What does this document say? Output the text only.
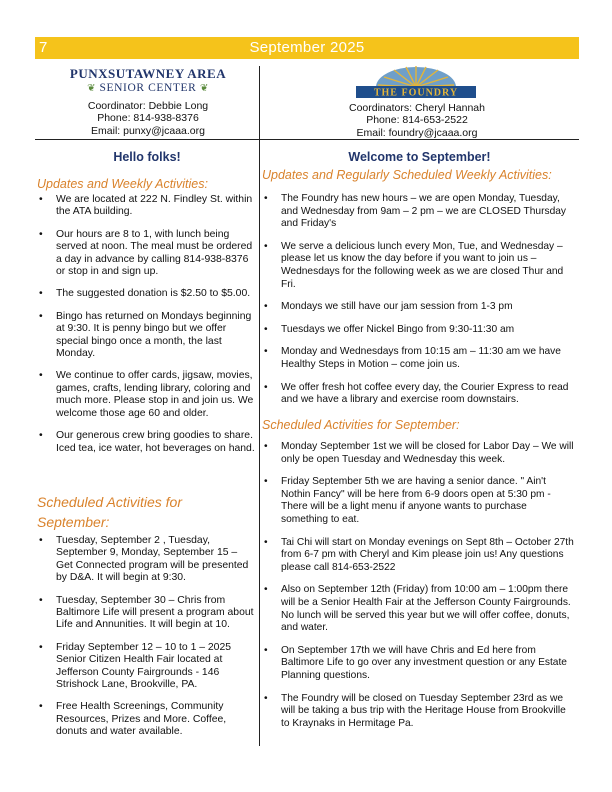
7	September 2025
PUNXSUTAWNEY AREA
❦ SENIOR CENTER ❦
Coordinator: Debbie Long
Phone: 814-938-8376
Email: punxy@jcaaa.org
THE FOUNDRY
Coordinators: Cheryl Hannah
Phone: 814-653-2522
Email: foundry@jcaaa.org
Hello folks!
Updates and Weekly Activities:
• We are located at 222 N. Findley St. within the ATA building.
• Our hours are 8 to 1, with lunch being served at noon. The meal must be ordered a day in advance by calling 814-938-8376 or stop in and sign up.
• The suggested donation is $2.50 to $5.00.
• Bingo has returned on Mondays beginning at 9:30. It is penny bingo but we offer special bingo once a month, the last Monday.
• We continue to offer cards, jigsaw, movies, games, crafts, lending library, coloring and much more. Please stop in and join us. We welcome those age 60 and older.
• Our generous crew bring goodies to share. Iced tea, ice water, hot beverages on hand.
Scheduled Activities for
September:
• Tuesday, September 2 , Tuesday, September 9, Monday, September 15 – Get Connected program will be presented by D&A. It will begin at 9:30.
• Tuesday, September 30 – Chris from Baltimore Life will present a program about Life and Annunities. It will begin at 10.
• Friday September 12 – 10 to 1 – 2025 Senior Citizen Health Fair located at Jefferson County Fairgrounds - 146 Strishock Lane, Brookville, PA.
• Free Health Screenings, Community Resources, Prizes and More. Coffee, donuts and water available.
Welcome to September!
Updates and Regularly Scheduled Weekly Activities:
• The Foundry has new hours – we are open Monday, Tuesday, and Wednesday from 9am – 2 pm – we are CLOSED Thursday and Friday's
• We serve a delicious lunch every Mon, Tue, and Wednesday – please let us know the day before if you want to join us – Wednesdays for the following week as we are closed Thur and Fri.
• Mondays we still have our jam session from 1-3 pm
• Tuesdays we offer Nickel Bingo from 9:30-11:30 am
• Monday and Wednesdays from 10:15 am – 11:30 am we have Healthy Steps in Motion – come join us.
• We offer fresh hot coffee every day, the Courier Express to read and we have a library and exercise room downstairs.
Scheduled Activities for September:
• Monday September 1st we will be closed for Labor Day – We will only be open Tuesday and Wednesday this week.
• Friday September 5th we are having a senior dance. " Ain't Nothin Fancy" will be here from 6-9 doors open at 5:30 pm - There will be a light menu if anyone wants to purchase something to eat.
• Tai Chi will start on Monday evenings on Sept 8th – October 27th from 6-7 pm with Cheryl and Kim please join us! Any questions please call 814-653-2522
• Also on September 12th (Friday) from 10:00 am – 1:00pm there will be a Senior Health Fair at the Jefferson County Fairgrounds. No lunch will be served this year but we will offer coffee, donuts, and water.
• On September 17th we will have Chris and Ed here from Baltimore Life to go over any investment question or any Estate Planning questions.
• The Foundry will be closed on Tuesday September 23rd as we will be taking a bus trip with the Heritage House from Brookville to Kraynaks in Hermitage Pa.
